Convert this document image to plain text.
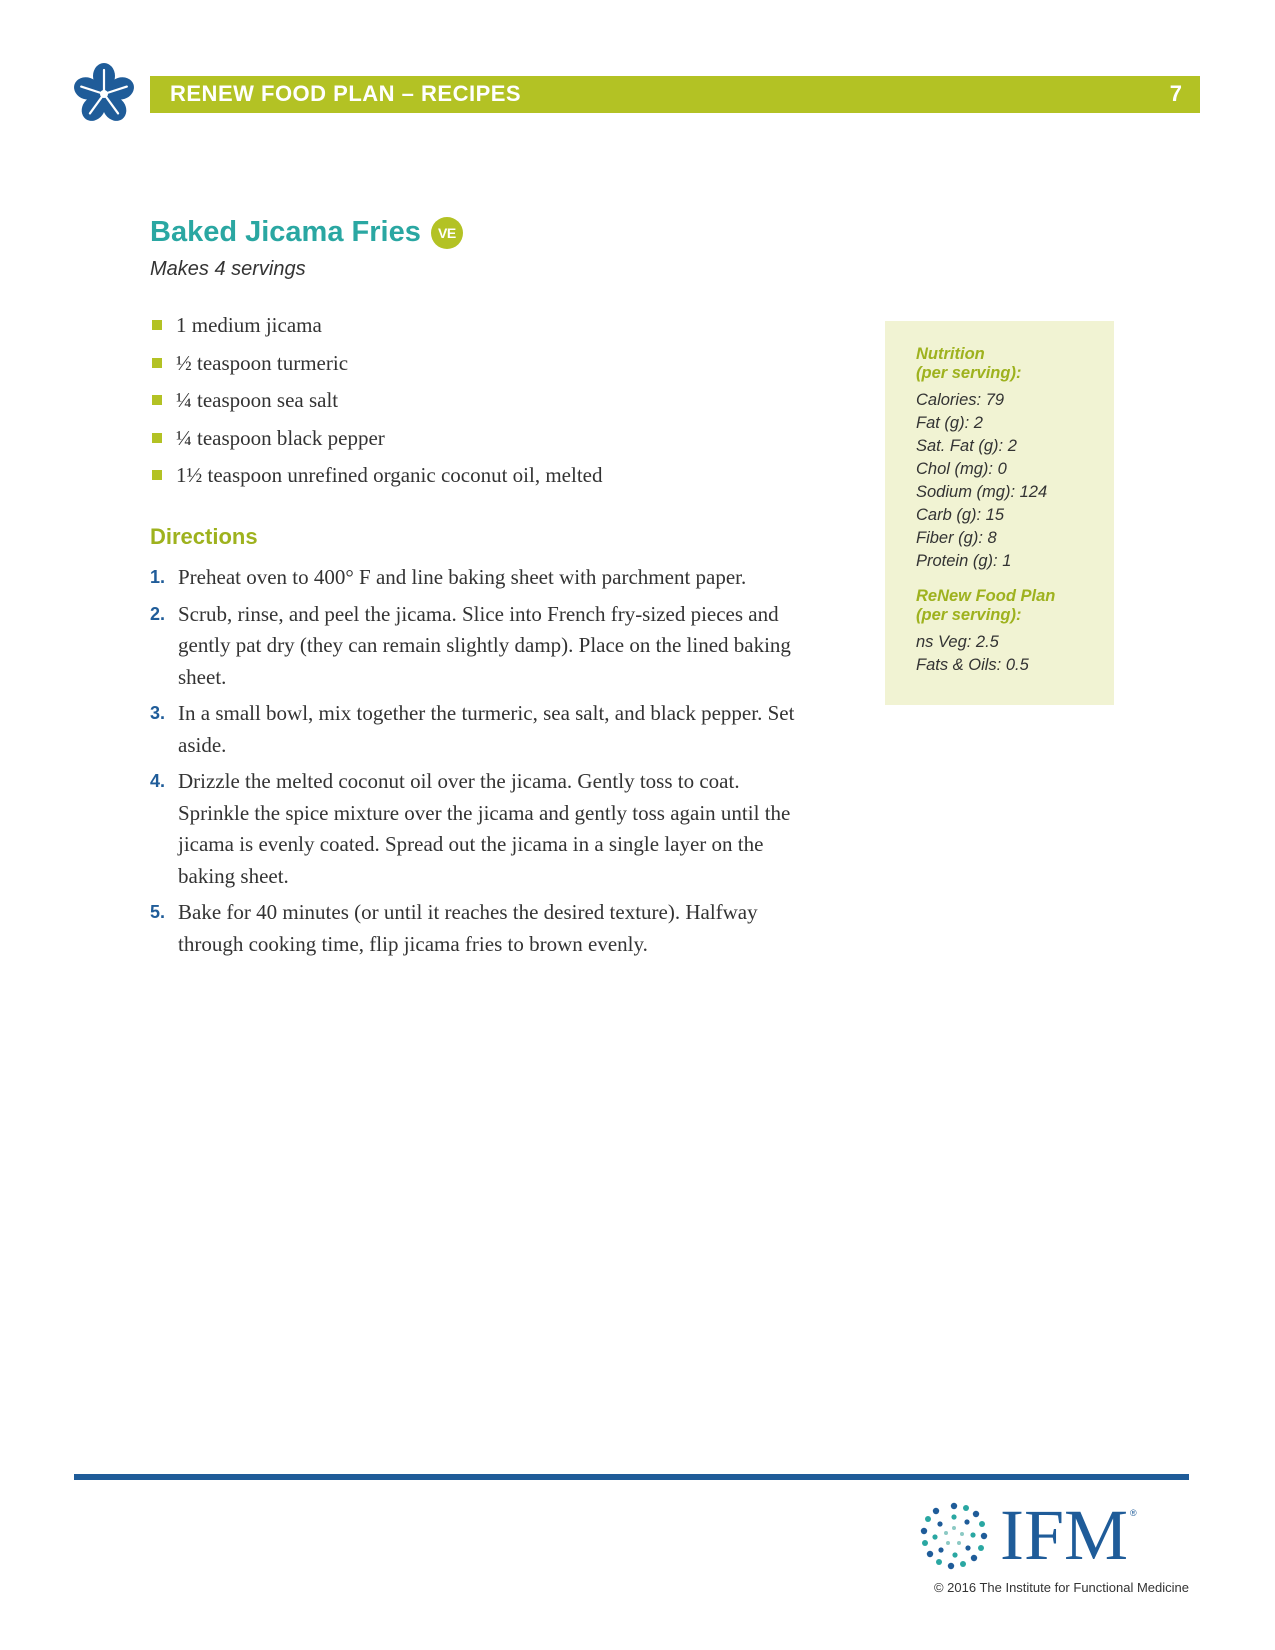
RENEW FOOD PLAN – RECIPES	7
Baked Jicama Fries	VE
Makes 4 servings
1 medium jicama
½ teaspoon turmeric
¼ teaspoon sea salt
¼ teaspoon black pepper
1½ teaspoon unrefined organic coconut oil, melted
Directions
1. Preheat oven to 400° F and line baking sheet with parchment paper.
2. Scrub, rinse, and peel the jicama. Slice into French fry-sized pieces and gently pat dry (they can remain slightly damp). Place on the lined baking sheet.
3. In a small bowl, mix together the turmeric, sea salt, and black pepper. Set aside.
4. Drizzle the melted coconut oil over the jicama. Gently toss to coat. Sprinkle the spice mixture over the jicama and gently toss again until the jicama is evenly coated. Spread out the jicama in a single layer on the baking sheet.
5. Bake for 40 minutes (or until it reaches the desired texture). Halfway through cooking time, flip jicama fries to brown evenly.

Nutrition

(per serving):

Calories: 79

Fat (g): 2

Sat. Fat (g): 2

Chol (mg): 0

Sodium (mg): 124

Carb (g): 15

Fiber (g): 8

Protein (g): 1

ReNew Food Plan

(per serving):

ns Veg: 2.5

Fats & Oils: 0.5

IFM ®
© 2016 The Institute for Functional Medicine
